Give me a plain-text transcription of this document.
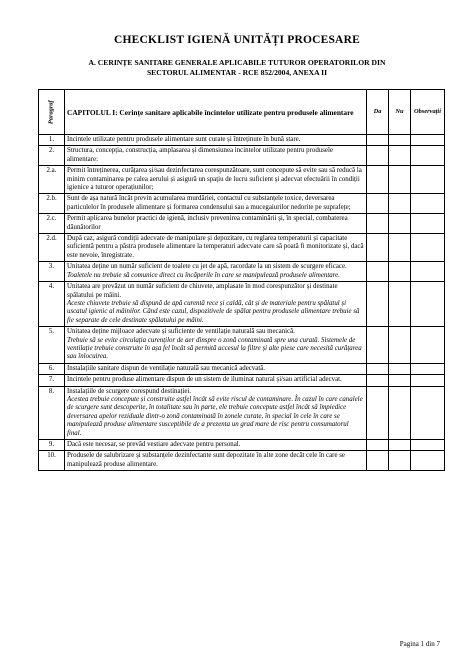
CHECKLIST IGIENĂ UNITĂȚI PROCESARE
A. CERINȚE SANITARE GENERALE APLICABILE TUTUROR OPERATORILOR DIN
SECTORUL ALIMENTAR - RCE 852/2004, ANEXA II
Paragraf	CAPITOLUL I: Cerințe sanitare aplicabile încintelor utilizate pentru produsele alimentare	Da	Nu	Observații
1.	Incintele utilizate pentru produsele alimentare sunt curate și întreținute în bună stare.			

2.	Structura, concepția, construcția, amplasarea și dimensiunea incintelor utilizate pentru produsele alimentare:			

2.a.	Permit întreținerea, curățarea și/sau dezinfectarea corespunzătoare, sunt concepute să evite sau să reducă la minim contaminarea pe calea aerului și asigură un spațiu de lucru suficient și adecvat efectuării în condiții igienice a tuturor operațiunilor;			

2.b.	Sunt de așa natură încât previn acumularea murdăriei, contactul cu substanțele toxice, deversarea particulelor în produsele alimentare și formarea condensului sau a mucegaiurilor nedorite pe suprafețe;			

2.c.	Permit aplicarea bunelor practici de igienă, inclusiv prevenirea contaminării și, în special, combaterea dăunătorilor			

2.d.	După caz, asigură condiții adecvate de manipulare și depozitare, cu reglarea temperaturii și capacitate suficientă pentru a păstra produsele alimentare la temperaturi adecvate care să poată fi monitorizate și, dacă este nevoie, înregistrate.			

3.	Unitatea deține un număr suficient de toalete cu jet de apă, racordate la un sistem de scurgere eficace.
Toaletele nu trebuie să comunice direct cu încăperile în care se manipulează produsele alimentare.			

4.	Unitatea are prevăzut un număr suficient de chiuvete, amplasate în mod corespunzător și destinate spălatului pe mâini.
Aceste chiuvete trebuie să dispună de apă curentă rece și caldă, cât și de materiale pentru spălatul și uscatul igienic al mâinilor. Când este cazul, dispozitivele de spălat pentru produsele alimentare trebuie să fie separate de cele destinate spălatului pe mâini.			

5.	Unitatea deține mijloace adecvate și suficiente de ventilație naturală sau mecanică.
Trebuie să se evite circulația curenților de aer dinspre o zonă contaminată spre una curată. Sistemele de ventilație trebuie construite în așa fel încât să permită accesul la filtre și alte piese care necesită curățarea sau înlocuirea.			

6.	Instalațiile sanitare dispun de ventilație naturală sau mecanică adecvată.			

7.	Incintele pentru produse alimentare dispun de un sistem de iluminat natural și/sau artificial adecvat.			

8.	Instalațiile de scurgere corespund destinației.
Acestea trebuie concepute și construite astfel încât să evite riscul de contaminare. În cazul în care canalele de scurgere sunt descoperite, în totalitate sau în parte, ele trebuie concepute astfel încât să împiedice deversarea apelor reziduale dintr-o zonă contaminată în zonele curate, în special în cele în care se manipulează produse alimentare susceptibile de a prezenta un grad mare de risc pentru consumatorul final.			

9.	Dacă este necesar, se prevăd vestiare adecvate pentru personal.			

10.	Produsele de salubrizare și substanțele dezinfectante sunt depozitate în alte zone decât cele în care se manipulează produse alimentare.			

Pagina 1 din 7
